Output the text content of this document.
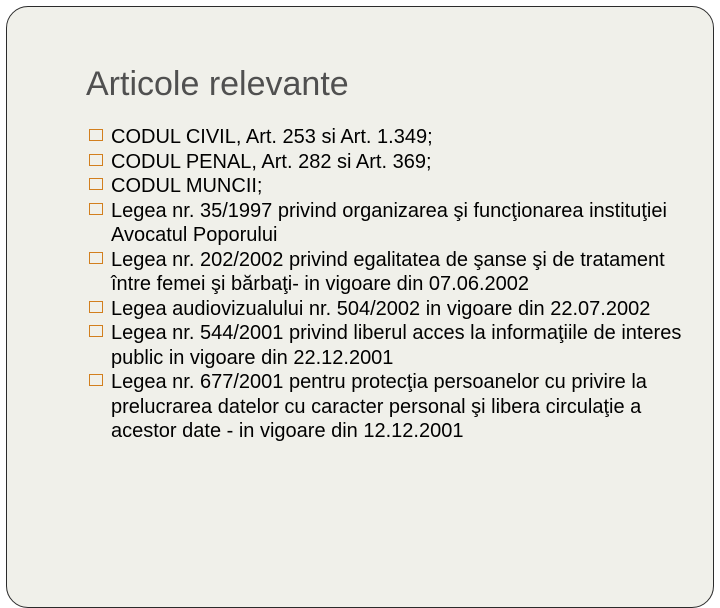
Articole relevante
CODUL CIVIL, Art. 253 si Art. 1.349;
CODUL PENAL, Art. 282 si Art. 369;
CODUL MUNCII;
Legea nr. 35/1997 privind organizarea şi funcţionarea instituţiei Avocatul Poporului
Legea nr. 202/2002 privind egalitatea de şanse şi de tratament între femei şi bărbaţi- in vigoare din 07.06.2002
Legea audiovizualului nr. 504/2002 in vigoare din 22.07.2002
Legea nr. 544/2001 privind liberul acces la informaţiile de interes public in vigoare din 22.12.2001
Legea nr. 677/2001 pentru protecţia persoanelor cu privire la prelucrarea datelor cu caracter personal şi libera circulaţie a acestor date - in vigoare din 12.12.2001
